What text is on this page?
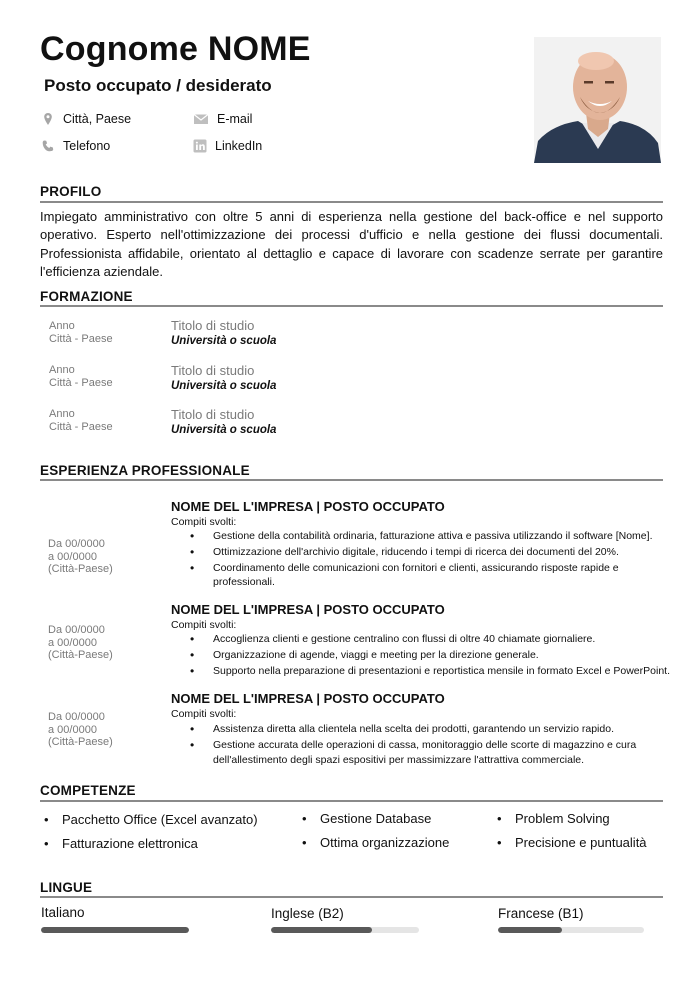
Cognome NOME
Posto occupato / desiderato
Città, Paese	E-mail
Telefono	LinkedIn
PROFILO
Impiegato amministrativo con oltre 5 anni di esperienza nella gestione del back-office e nel supporto operativo. Esperto nell'ottimizzazione dei processi d'ufficio e nella gestione dei flussi documentali. Professionista affidabile, orientato al dettaglio e capace di lavorare con scadenze serrate per garantire l'efficienza aziendale.
FORMAZIONE
Anno
Città - Paese
Titolo di studio
Università o scuola
Anno
Città - Paese
Titolo di studio
Università o scuola
Anno
Città - Paese
Titolo di studio
Università o scuola
ESPERIENZA PROFESSIONALE
Da 00/0000
a 00/0000
(Città-Paese)
NOME DEL L'IMPRESA | POSTO OCCUPATO
Compiti svolti:
• Gestione della contabilità ordinaria, fatturazione attiva e passiva utilizzando il software [Nome].
• Ottimizzazione dell'archivio digitale, riducendo i tempi di ricerca dei documenti del 20%.
• Coordinamento delle comunicazioni con fornitori e clienti, assicurando risposte rapide e professionali.
Da 00/0000
a 00/0000
(Città-Paese)
NOME DEL L'IMPRESA | POSTO OCCUPATO
Compiti svolti:
• Accoglienza clienti e gestione centralino con flussi di oltre 40 chiamate giornaliere.
• Organizzazione di agende, viaggi e meeting per la direzione generale.
• Supporto nella preparazione di presentazioni e reportistica mensile in formato Excel e PowerPoint.
Da 00/0000
a 00/0000
(Città-Paese)
NOME DEL L'IMPRESA | POSTO OCCUPATO
Compiti svolti:
• Assistenza diretta alla clientela nella scelta dei prodotti, garantendo un servizio rapido.
• Gestione accurata delle operazioni di cassa, monitoraggio delle scorte di magazzino e cura dell'allestimento degli spazi espositivi per massimizzare l'attrattiva commerciale.
COMPETENZE
• Pacchetto Office (Excel avanzato)
• Fatturazione elettronica
• Gestione Database
• Ottima organizzazione
• Problem Solving
• Precisione e puntualità
LINGUE
Italiano	Inglese (B2)	Francese (B1)
